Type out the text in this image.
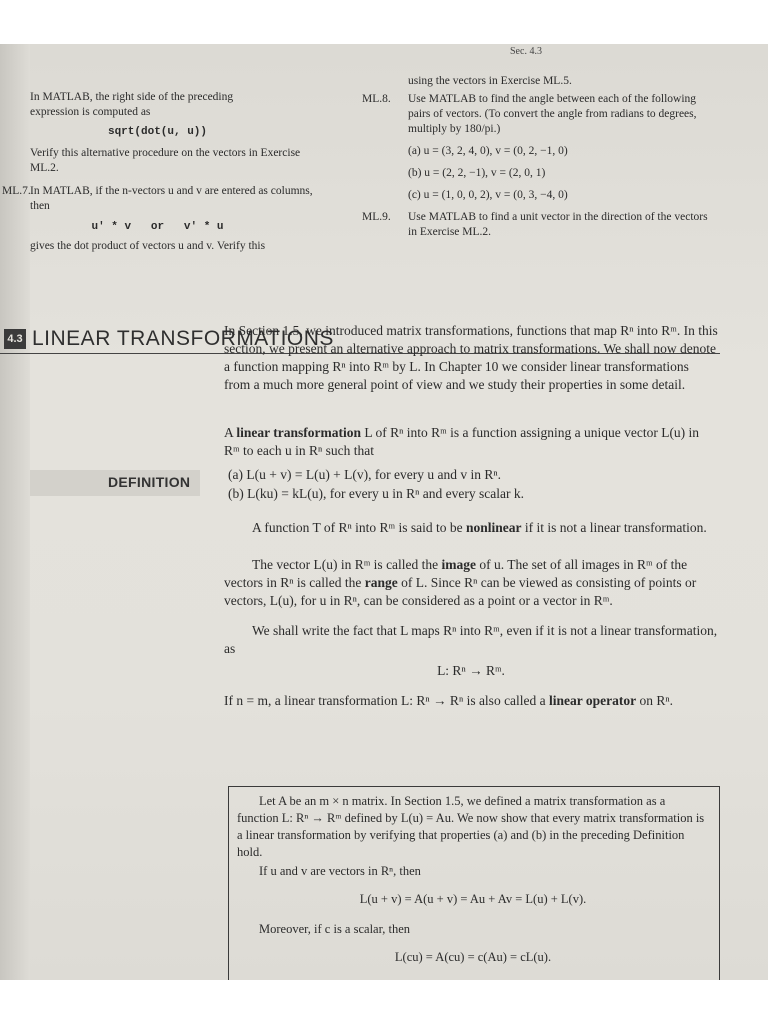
Sec. 4.3
In MATLAB, the right side of the preceding expression is computed as
sqrt(dot(u, u))
Verify this alternative procedure on the vectors in Exercise ML.2.
ML.7. In MATLAB, if the n-vectors u and v are entered as columns, then
u' * v   or   v' * u
gives the dot product of vectors u and v. Verify this
using the vectors in Exercise ML.5.
ML.8. Use MATLAB to find the angle between each of the following pairs of vectors. (To convert the angle from radians to degrees, multiply by 180/pi.)
(a) u = (3, 2, 4, 0), v = (0, 2, −1, 0)
(b) u = (2, 2, −1), v = (2, 0, 1)
(c) u = (1, 0, 0, 2), v = (0, 3, −4, 0)
ML.9. Use MATLAB to find a unit vector in the direction of the vectors in Exercise ML.2.
4.3 LINEAR TRANSFORMATIONS
In Section 1.5, we introduced matrix transformations, functions that map Rⁿ into Rᵐ. In this section, we present an alternative approach to matrix transformations. We shall now denote a function mapping Rⁿ into Rᵐ by L. In Chapter 10 we consider linear transformations from a much more general point of view and we study their properties in some detail.
DEFINITION
A linear transformation L of Rⁿ into Rᵐ is a function assigning a unique vector L(u) in Rᵐ to each u in Rⁿ such that
(a) L(u + v) = L(u) + L(v), for every u and v in Rⁿ.
(b) L(ku) = kL(u), for every u in Rⁿ and every scalar k.
A function T of Rⁿ into Rᵐ is said to be nonlinear if it is not a linear transformation.
The vector L(u) in Rᵐ is called the image of u. The set of all images in Rᵐ of the vectors in Rⁿ is called the range of L. Since Rⁿ can be viewed as consisting of points or vectors, L(u), for u in Rⁿ, can be considered as a point or a vector in Rᵐ.
We shall write the fact that L maps Rⁿ into Rᵐ, even if it is not a linear transformation, as
L: Rⁿ → Rᵐ.
If n = m, a linear transformation L: Rⁿ → Rⁿ is also called a linear operator on Rⁿ.
Let A be an m × n matrix. In Section 1.5, we defined a matrix transformation as a function L: Rⁿ → Rᵐ defined by L(u) = Au. We now show that every matrix transformation is a linear transformation by verifying that properties (a) and (b) in the preceding Definition hold.
If u and v are vectors in Rⁿ, then
L(u + v) = A(u + v) = Au + Av = L(u) + L(v).
Moreover, if c is a scalar, then
L(cu) = A(cu) = c(Au) = cL(u).
